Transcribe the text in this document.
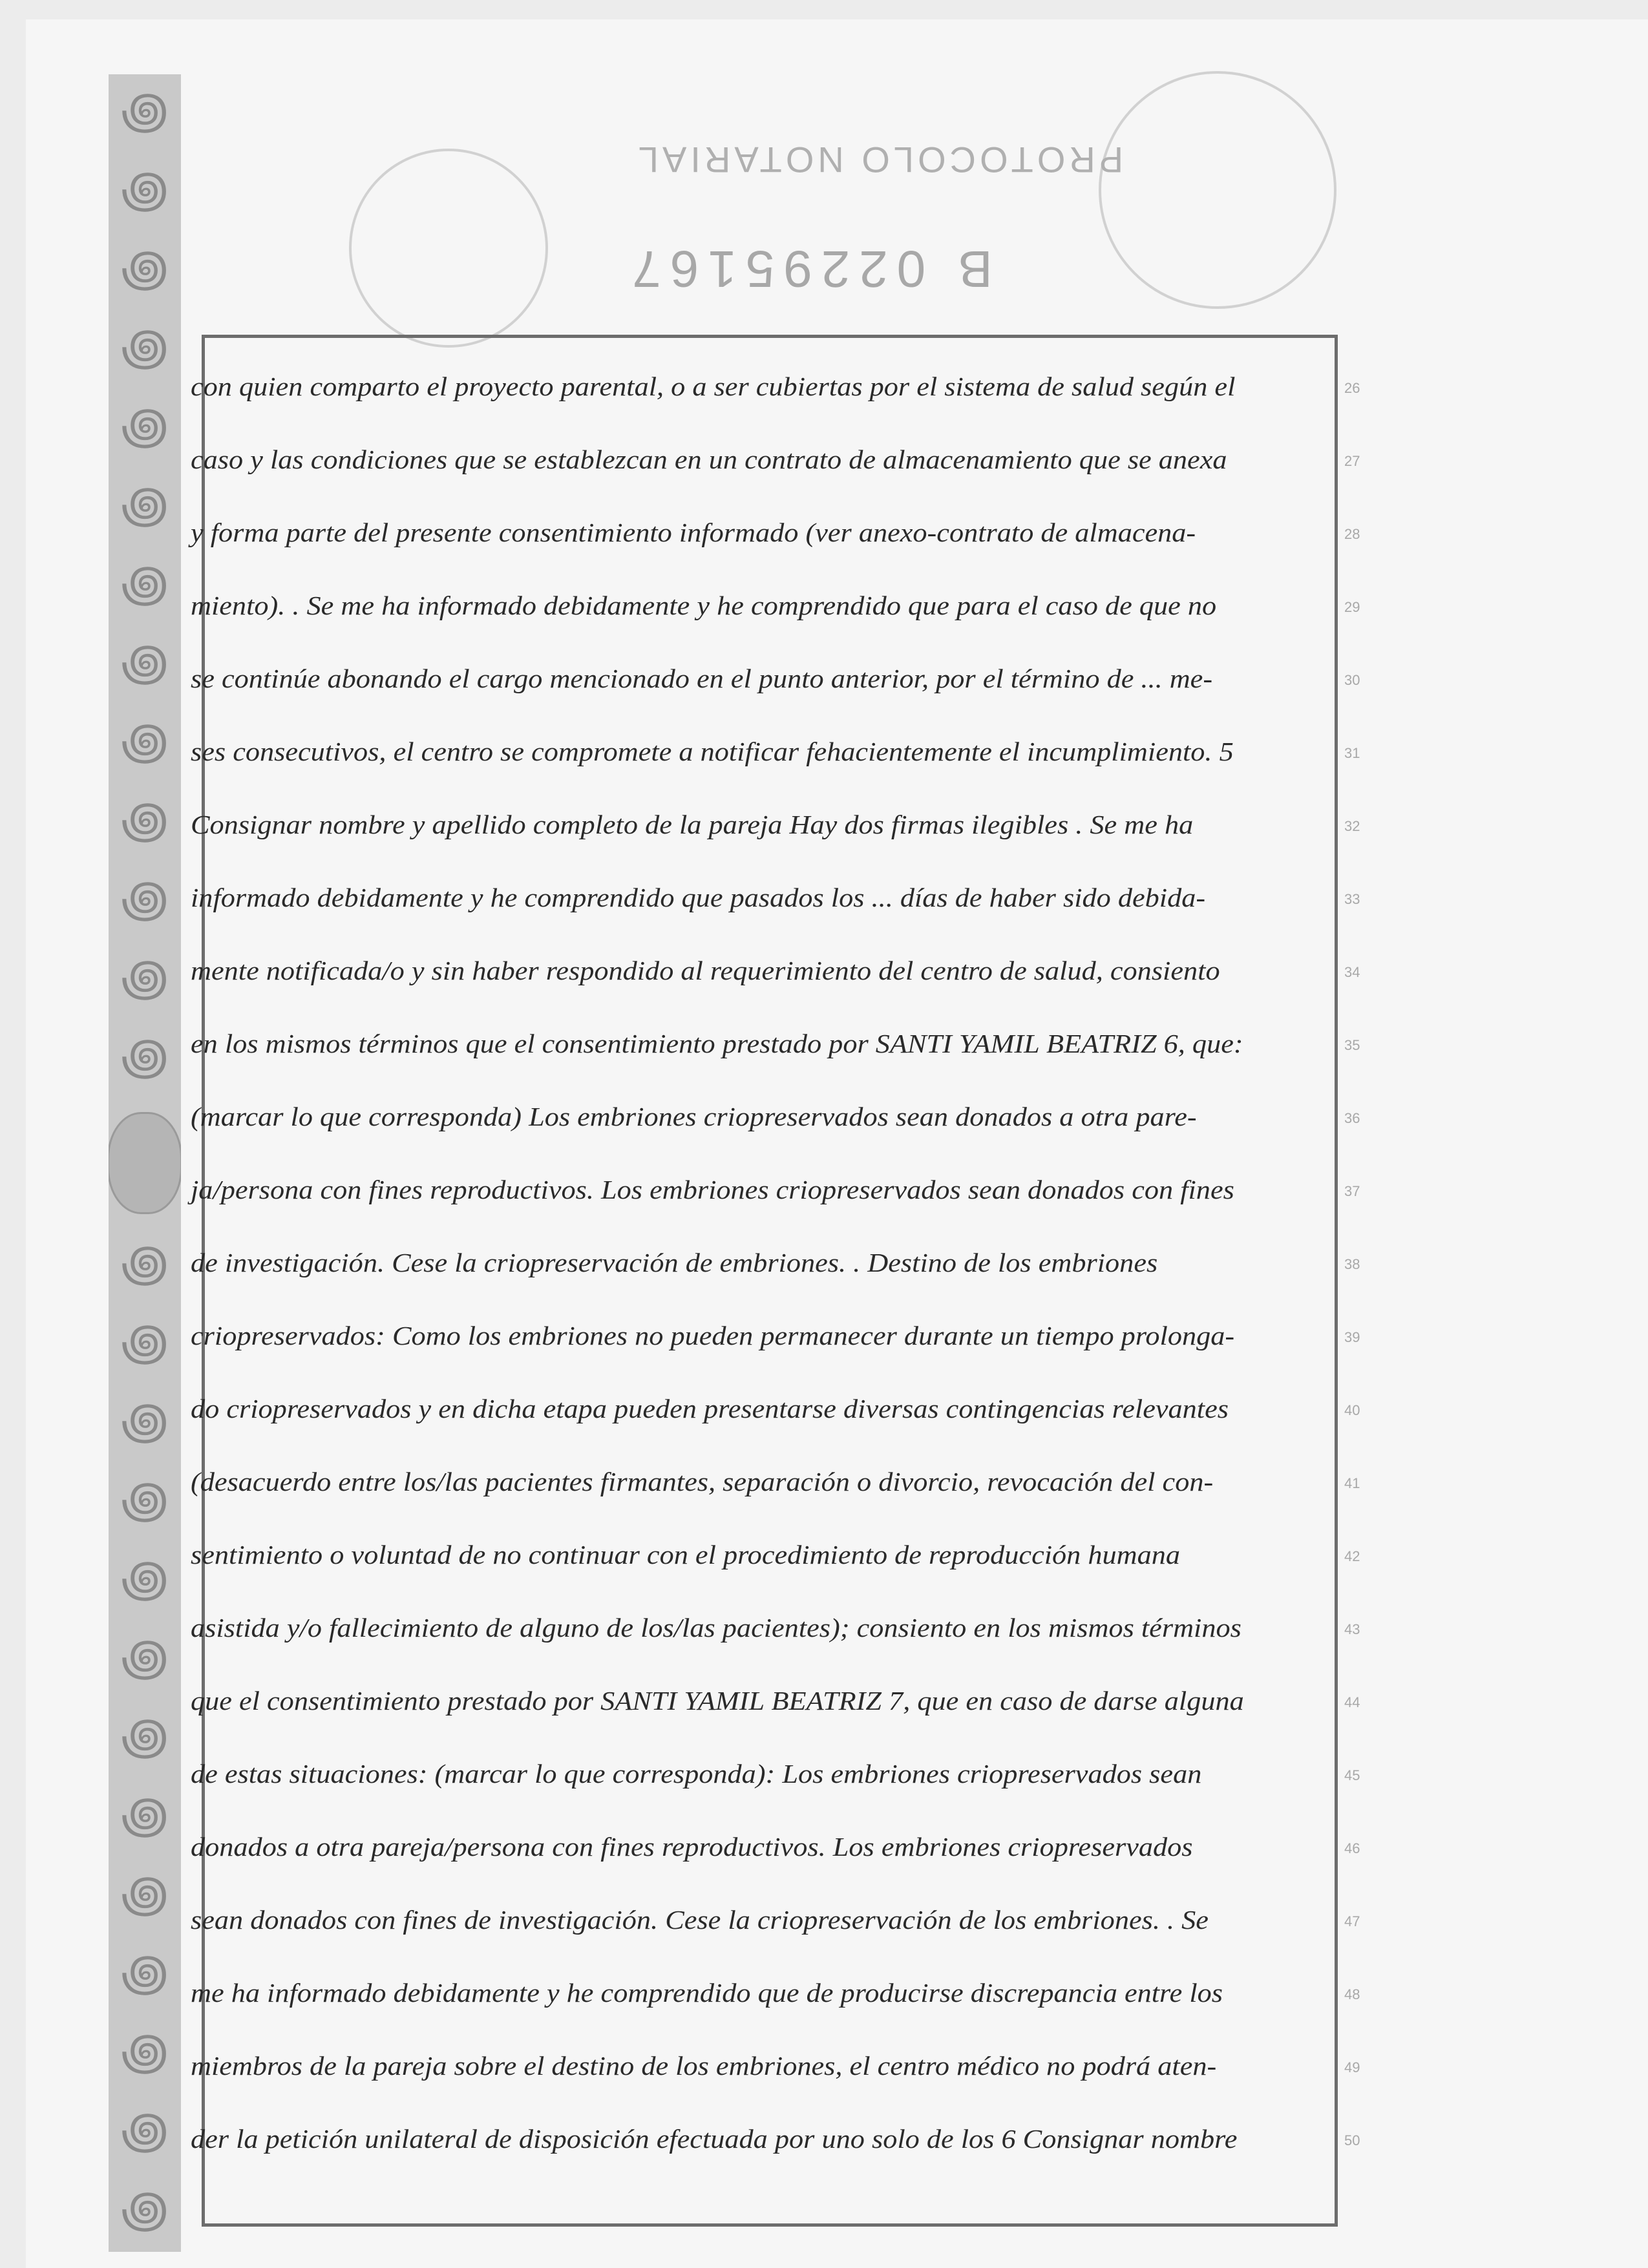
꩜
꩜
꩜
꩜
꩜
꩜
꩜
꩜
꩜
꩜
꩜
꩜
꩜
꩜
꩜
꩜
꩜
꩜
꩜
꩜
꩜
꩜
꩜
꩜
꩜
꩜
PROTOCOLO NOTARIAL
B 02295167
con quien comparto el proyecto parental, o a ser cubiertas por el sistema de salud según el
caso y las condiciones que se establezcan en un contrato de almacenamiento que se anexa
y forma parte del presente consentimiento informado (ver anexo-contrato de almacena-
miento). . Se me ha informado debidamente y he comprendido que para el caso de que no
se continúe abonando el cargo mencionado en el punto anterior, por el término de ... me-
ses consecutivos, el centro se compromete a notificar fehacientemente el incumplimiento. 5
Consignar nombre y apellido completo de la pareja Hay dos firmas ilegibles . Se me ha
informado debidamente y he comprendido que pasados los ... días de haber sido debida-
mente notificada/o y sin haber respondido al requerimiento del centro de salud, consiento
en los mismos términos que el consentimiento prestado por SANTI YAMIL BEATRIZ 6, que:
(marcar lo que corresponda) Los embriones criopreservados sean donados a otra pare-
ja/persona con fines reproductivos. Los embriones criopreservados sean donados con fines
de investigación. Cese la criopreservación de embriones. . Destino de los embriones
criopreservados: Como los embriones no pueden permanecer durante un tiempo prolonga-
do criopreservados y en dicha etapa pueden presentarse diversas contingencias relevantes
(desacuerdo entre los/las pacientes firmantes, separación o divorcio, revocación del con-
sentimiento o voluntad de no continuar con el procedimiento de reproducción humana
asistida y/o fallecimiento de alguno de los/las pacientes); consiento en los mismos términos
que el consentimiento prestado por SANTI YAMIL BEATRIZ 7, que en caso de darse alguna
de estas situaciones: (marcar lo que corresponda): Los embriones criopreservados sean
donados a otra pareja/persona con fines reproductivos. Los embriones criopreservados
sean donados con fines de investigación. Cese la criopreservación de los embriones. . Se
me ha informado debidamente y he comprendido que de producirse discrepancia entre los
miembros de la pareja sobre el destino de los embriones, el centro médico no podrá aten-
der la petición unilateral de disposición efectuada por uno solo de los 6 Consignar nombre
26
27
28
29
30
31
32
33
34
35
36
37
38
39
40
41
42
43
44
45
46
47
48
49
50
